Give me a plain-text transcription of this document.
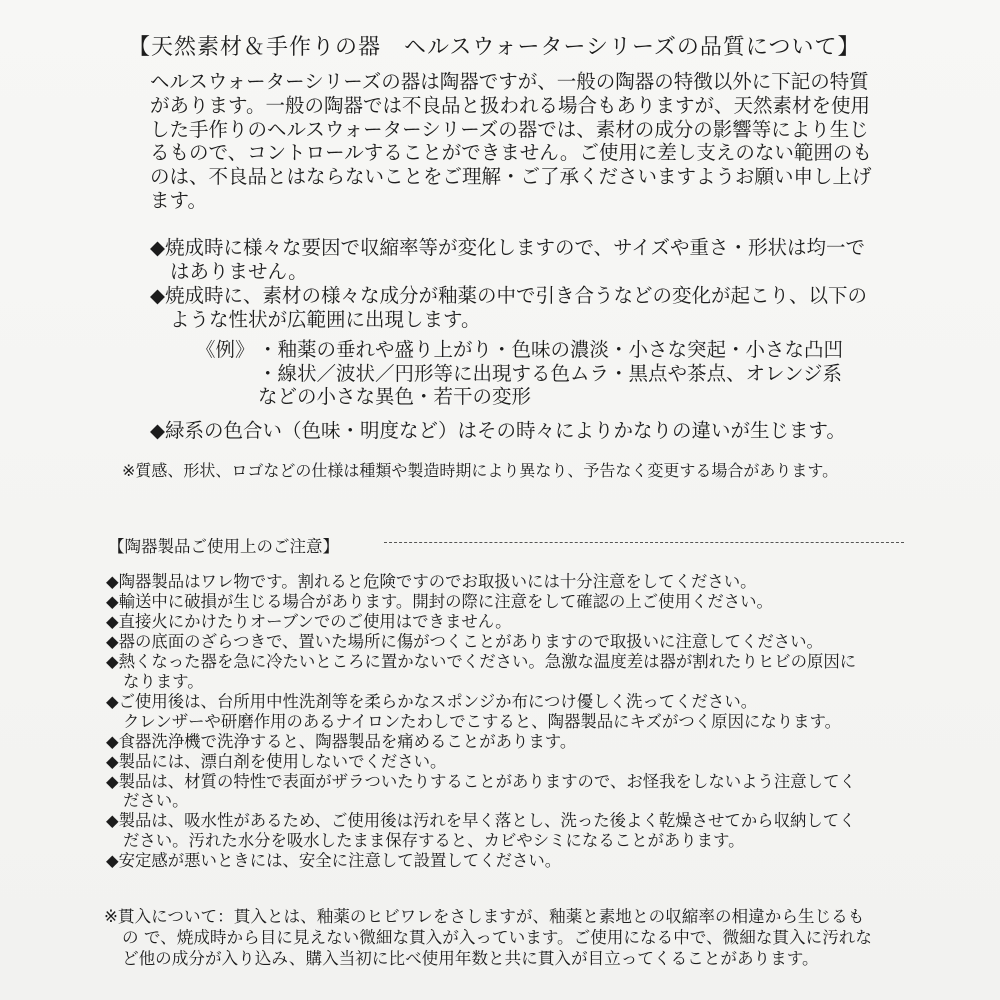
【天然素材＆手作りの器　ヘルスウォーターシリーズの品質について】
ヘルスウォーターシリーズの器は陶器ですが、一般の陶器の特徴以外に下記の特質
があります。一般の陶器では不良品と扱われる場合もありますが、天然素材を使用
した手作りのヘルスウォーターシリーズの器では、素材の成分の影響等により生じ
るもので、コントロールすることができません。ご使用に差し支えのない範囲のも
のは、不良品とはならないことをご理解・ご了承くださいますようお願い申し上げ
ます。
◆焼成時に様々な要因で収縮率等が変化しますので、サイズや重さ・形状は均一で
はありません。
◆焼成時に、素材の様々な成分が釉薬の中で引き合うなどの変化が起こり、以下の
ような性状が広範囲に出現します。
《例》 ・釉薬の垂れや盛り上がり・色味の濃淡・小さな突起・小さな凸凹
・線状／波状／円形等に出現する色ムラ・黒点や茶点、オレンジ系
などの小さな異色・若干の変形
◆緑系の色合い（色味・明度など）はその時々によりかなりの違いが生じます。
※質感、形状、ロゴなどの仕様は種類や製造時期により異なり、予告なく変更する場合があります。
【陶器製品ご使用上のご注意】
◆陶器製品はワレ物です。割れると危険ですのでお取扱いには十分注意をしてください。
◆輸送中に破損が生じる場合があります。開封の際に注意をして確認の上ご使用ください。
◆直接火にかけたりオーブンでのご使用はできません。
◆器の底面のざらつきで、置いた場所に傷がつくことがありますので取扱いに注意してください。
◆熱くなった器を急に冷たいところに置かないでください。急激な温度差は器が割れたりヒビの原因に
なります。
◆ご使用後は、台所用中性洗剤等を柔らかなスポンジか布につけ優しく洗ってください。
クレンザーや研磨作用のあるナイロンたわしでこすると、陶器製品にキズがつく原因になります。
◆食器洗浄機で洗浄すると、陶器製品を痛めることがあります。
◆製品には、漂白剤を使用しないでください。
◆製品は、材質の特性で表面がザラついたりすることがありますので、お怪我をしないよう注意してく
ださい。
◆製品は、吸水性があるため、ご使用後は汚れを早く落とし、洗った後よく乾燥させてから収納してく
ださい。汚れた水分を吸水したまま保存すると、カビやシミになることがあります。
◆安定感が悪いときには、安全に注意して設置してください。
※貫入について：貫入とは、釉薬のヒビワレをさしますが、釉薬と素地との収縮率の相違から生じるも
の で、焼成時から目に見えない微細な貫入が入っています。ご使用になる中で、微細な貫入に汚れな
ど他の成分が入り込み、購入当初に比べ使用年数と共に貫入が目立ってくることがあります。
